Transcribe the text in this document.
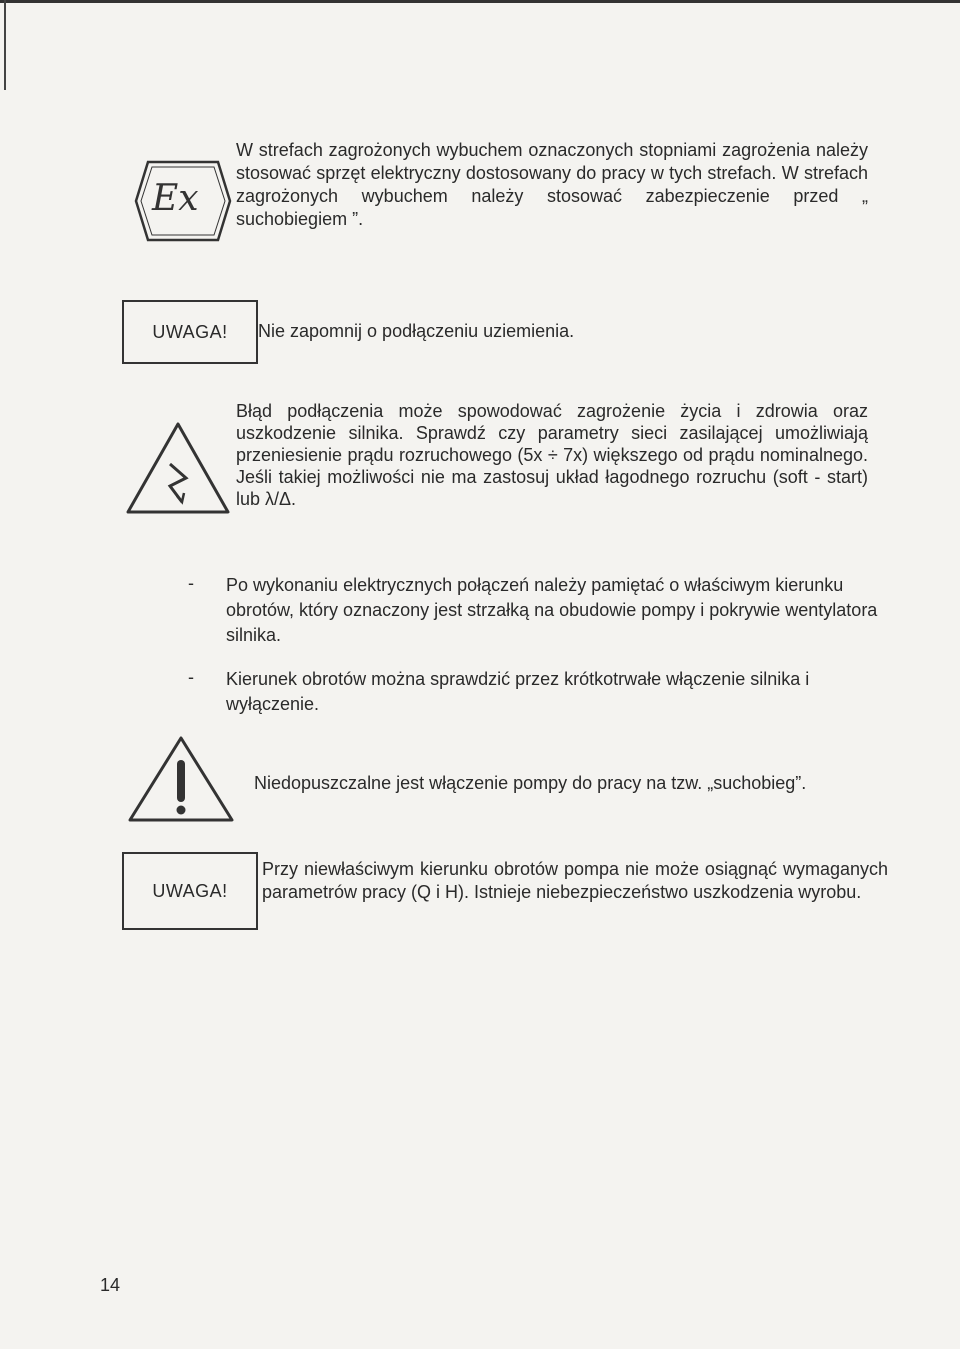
Ex

W strefach zagrożonych wybuchem oznaczonych stopniami zagrożenia należy stosować sprzęt elektryczny dostosowany do pracy w tych strefach. W strefach zagrożonych wybuchem należy stosować zabezpieczenie przed „ suchobiegiem ”.

UWAGA!	Nie zapomnij o podłączeniu uziemienia.

Błąd podłączenia może spowodować zagrożenie życia i zdrowia oraz uszkodzenie silnika. Sprawdź czy parametry sieci zasilającej umożliwiają przeniesienie prądu rozruchowego (5x ÷ 7x) większego od prądu nominalnego. Jeśli takiej możliwości nie ma zastosuj układ łagodnego rozruchu (soft - start) lub λ/Δ.

- Po wykonaniu elektrycznych połączeń należy pamiętać o właściwym kierunku obrotów, który oznaczony jest strzałką na obudowie pompy i pokrywie wentylatora silnika.

- Kierunek obrotów można sprawdzić przez krótkotrwałe włączenie silnika i wyłączenie.

Niedopuszczalne jest włączenie pompy do pracy na tzw. „suchobieg”.

UWAGA!

Przy niewłaściwym kierunku obrotów pompa nie może osiągnąć wymaganych parametrów pracy (Q i H). Istnieje niebezpieczeństwo uszkodzenia wyrobu.

14
